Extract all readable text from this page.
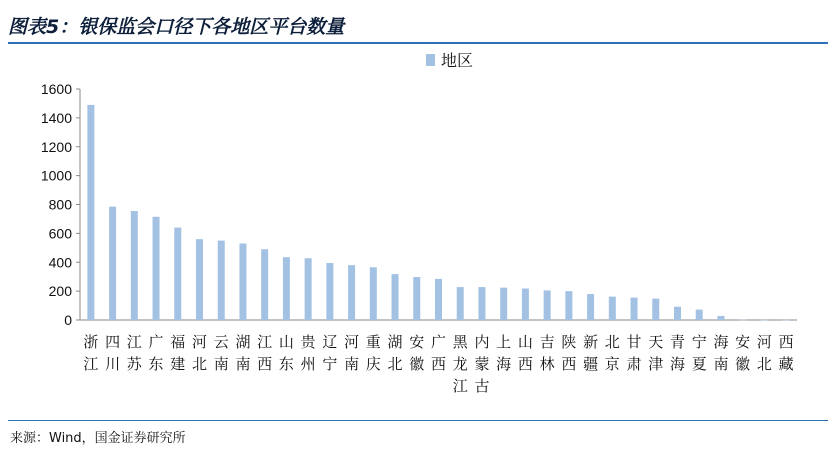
图表5：银保监会口径下各地区平台数量
0
200
400
600
800
1000
1200
1400
1600
浙江
四川
江苏
广东
福建
河北
云南
湖南
江西
山东
贵州
辽宁
河南
重庆
湖北
安徽
广西
黑龙江
内蒙古
上海
山西
吉林
陕西
新疆
北京
甘肃
天津
青海
宁夏
海南
安徽
河北
西藏
地区
来源：Wind，国金证券研究所
